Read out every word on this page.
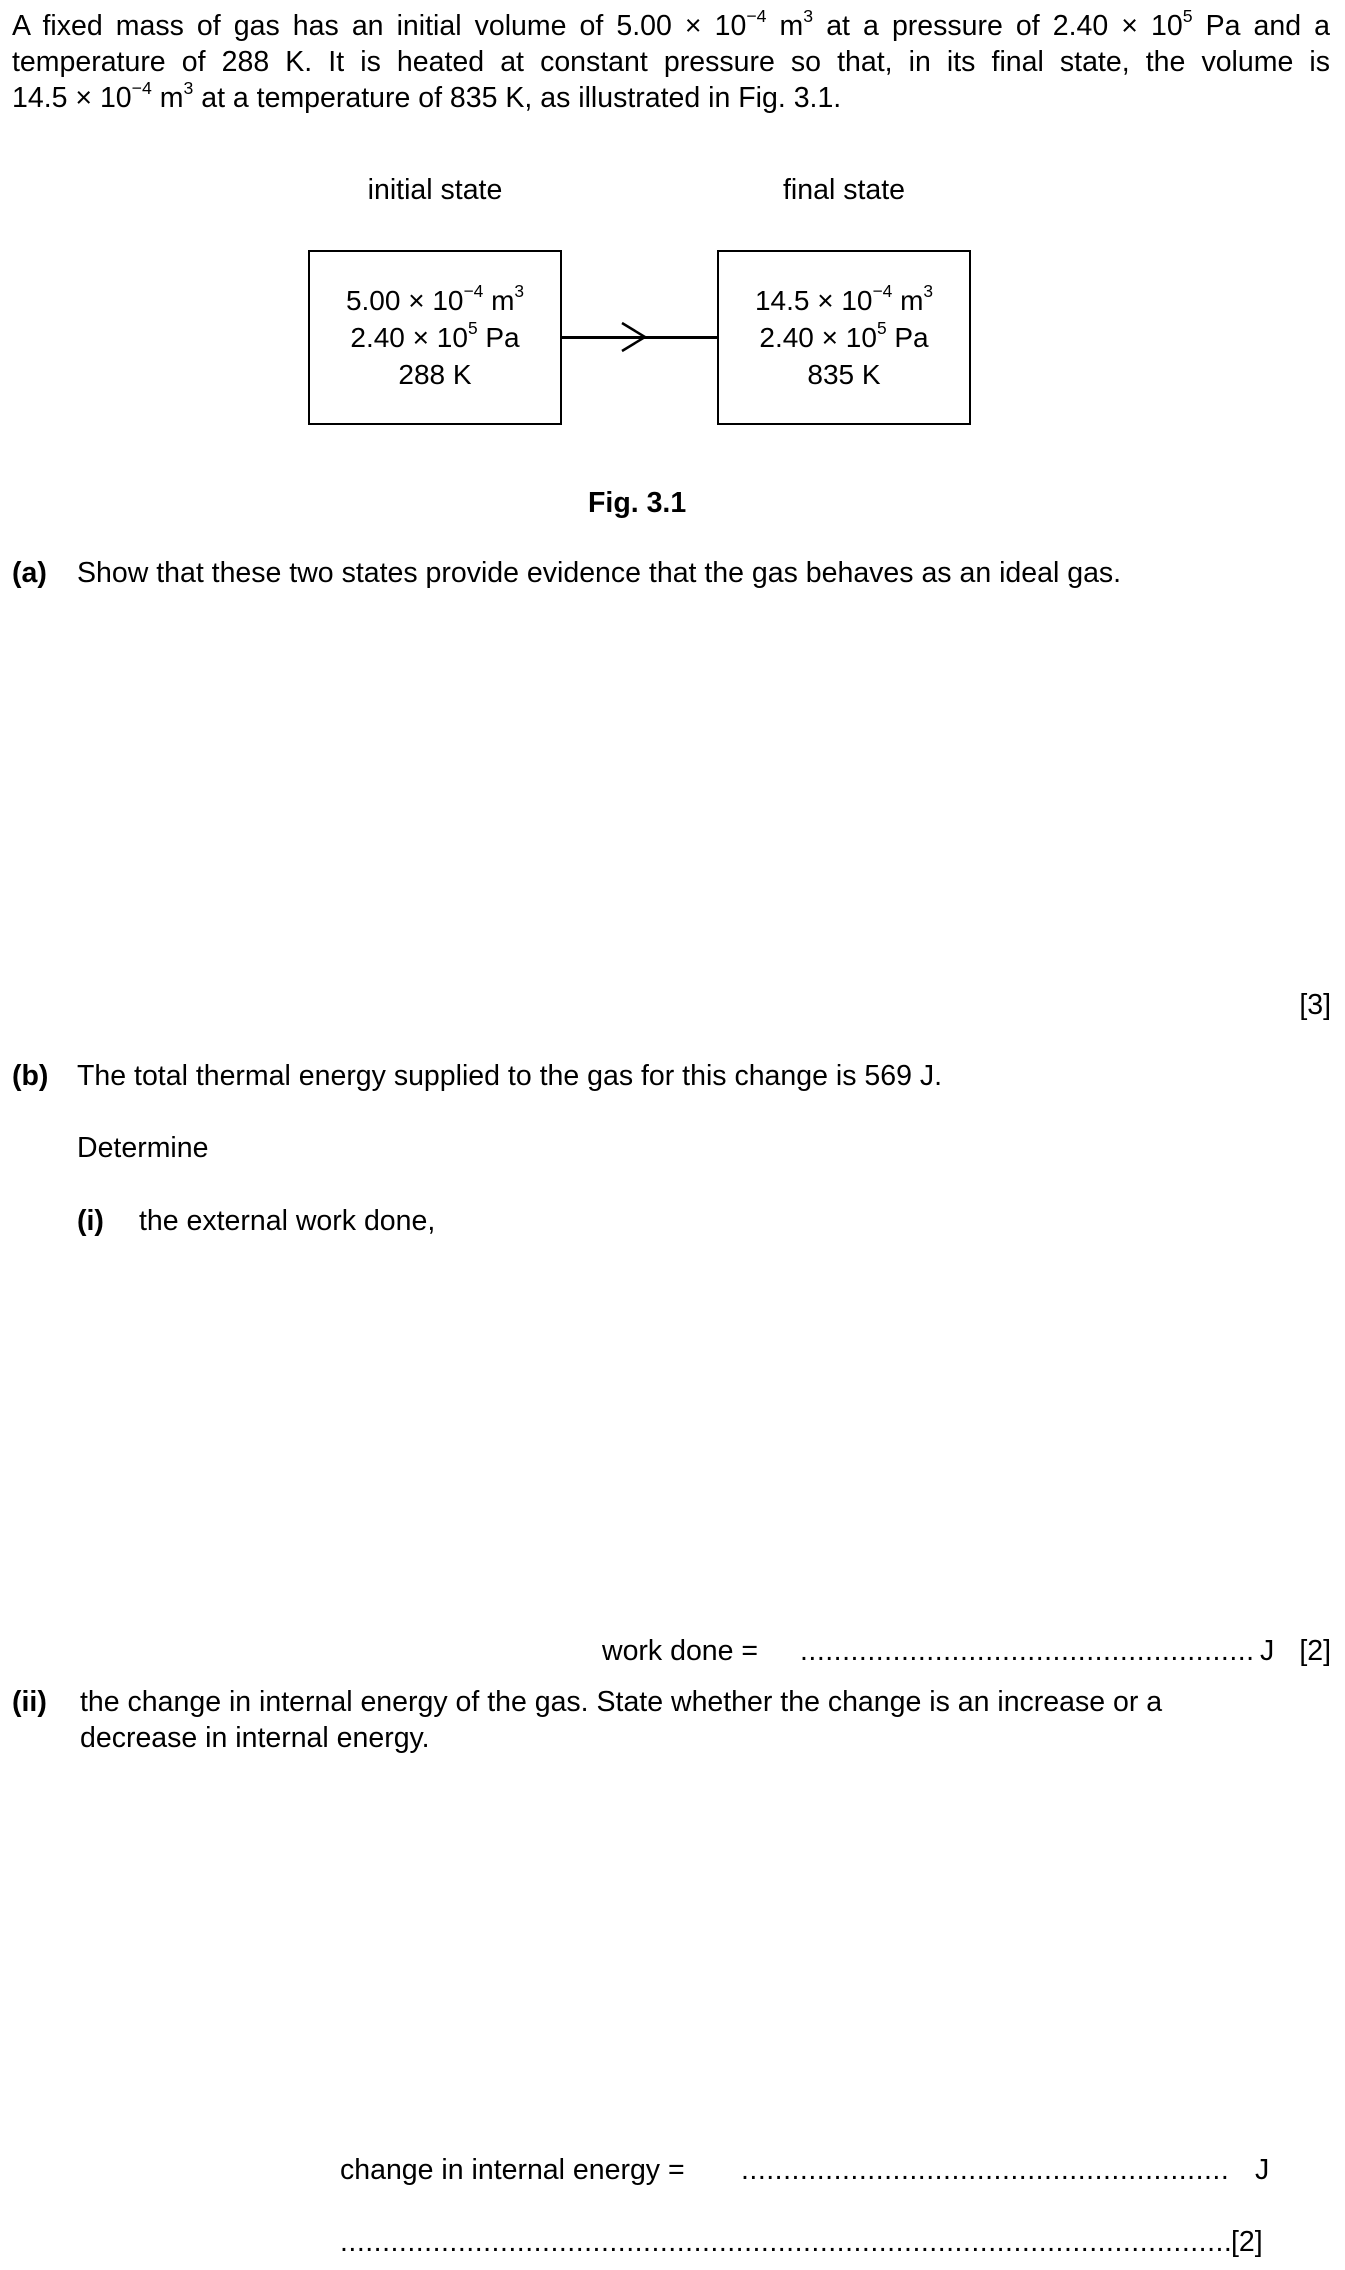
A fixed mass of gas has an initial volume of $5.00 \times 10^{-4}$ $m^3$ at a pressure of $2.40 \times 10^5$ Pa and a
temperature of 288 K. It is heated at constant pressure so that, in its final state, the volume is
$14.5 \times 10^{-4}$ $m^3$ at a temperature of 835 K, as illustrated in Fig. 3.1.
initial state	final state
$5.00 \times 10^{-4}$ $m^3$
$2.40 \times 10^5$ Pa
288 K
$14.5 \times 10^{-4}$ $m^3$
$2.40 \times 10^5$ Pa
835 K
Fig. 3.1
(a) Show that these two states provide evidence that the gas behaves as an ideal gas.
[3]
(b) The total thermal energy supplied to the gas for this change is 569 J.
Determine
(i) the external work done,
work done = ...................................................... J [2]
(ii) the change in internal energy of the gas. State whether the change is an increase or a
decrease in internal energy.
change in internal energy = .......................................................... J
..........................................................................................................
[2]
